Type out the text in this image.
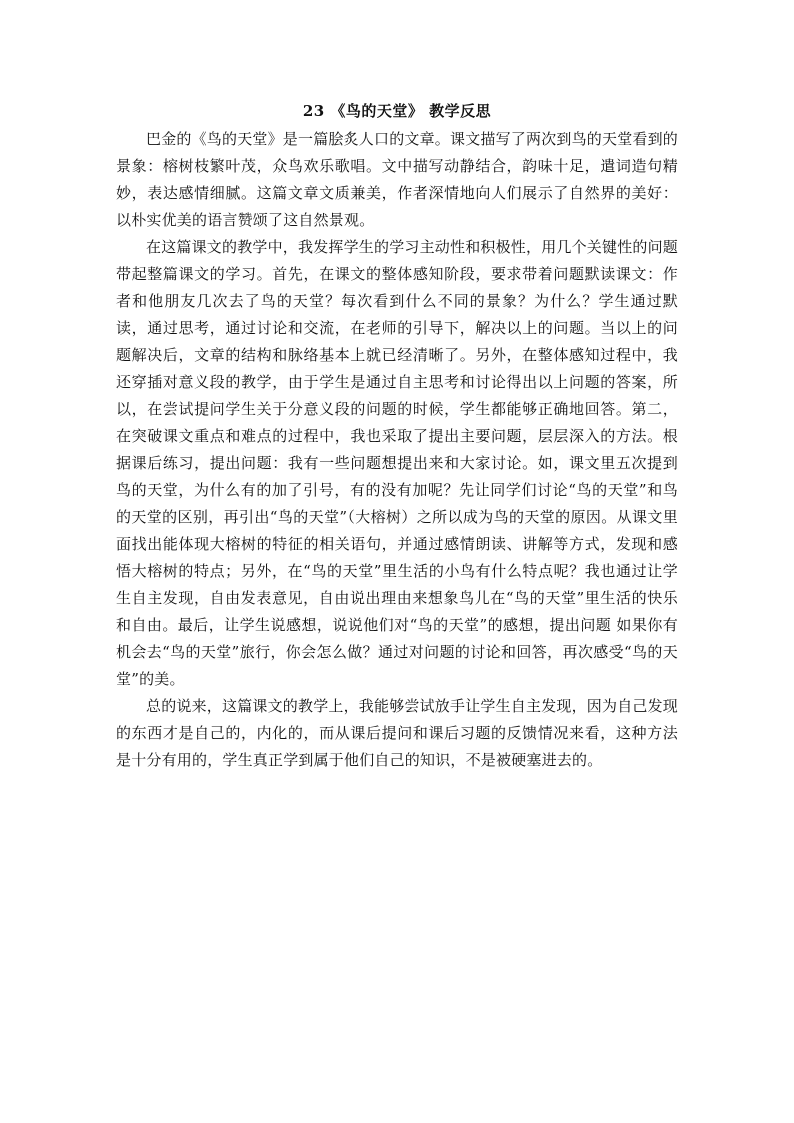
23 《鸟的天堂》 教学反思

巴金的《鸟的天堂》是一篇脍炙人口的文章。课文描写了两次到鸟的天堂看到的景象：榕树枝繁叶茂，众鸟欢乐歌唱。文中描写动静结合，韵味十足，遣词造句精妙，表达感情细腻。这篇文章文质兼美，作者深情地向人们展示了自然界的美好：以朴实优美的语言赞颂了这自然景观。

在这篇课文的教学中，我发挥学生的学习主动性和积极性，用几个关键性的问题带起整篇课文的学习。首先，在课文的整体感知阶段，要求带着问题默读课文：作者和他朋友几次去了鸟的天堂？每次看到什么不同的景象？为什么？学生通过默读，通过思考，通过讨论和交流，在老师的引导下，解决以上的问题。当以上的问题解决后，文章的结构和脉络基本上就已经清晰了。另外，在整体感知过程中，我还穿插对意义段的教学，由于学生是通过自主思考和讨论得出以上问题的答案，所以，在尝试提问学生关于分意义段的问题的时候，学生都能够正确地回答。第二，在突破课文重点和难点的过程中，我也采取了提出主要问题，层层深入的方法。根据课后练习，提出问题：我有一些问题想提出来和大家讨论。如，课文里五次提到鸟的天堂，为什么有的加了引号，有的没有加呢？先让同学们讨论“鸟的天堂”和鸟的天堂的区别，再引出“鸟的天堂”（大榕树）之所以成为鸟的天堂的原因。从课文里面找出能体现大榕树的特征的相关语句，并通过感情朗读、讲解等方式，发现和感悟大榕树的特点；另外，在“鸟的天堂”里生活的小鸟有什么特点呢？我也通过让学生自主发现，自由发表意见，自由说出理由来想象鸟儿在“鸟的天堂”里生活的快乐和自由。最后，让学生说感想，说说他们对“鸟的天堂”的感想，提出问题 如果你有机会去“鸟的天堂”旅行，你会怎么做？通过对问题的讨论和回答，再次感受“鸟的天堂”的美。

总的说来，这篇课文的教学上，我能够尝试放手让学生自主发现，因为自己发现的东西才是自己的，内化的，而从课后提问和课后习题的反馈情况来看，这种方法是十分有用的，学生真正学到属于他们自己的知识，不是被硬塞进去的。
